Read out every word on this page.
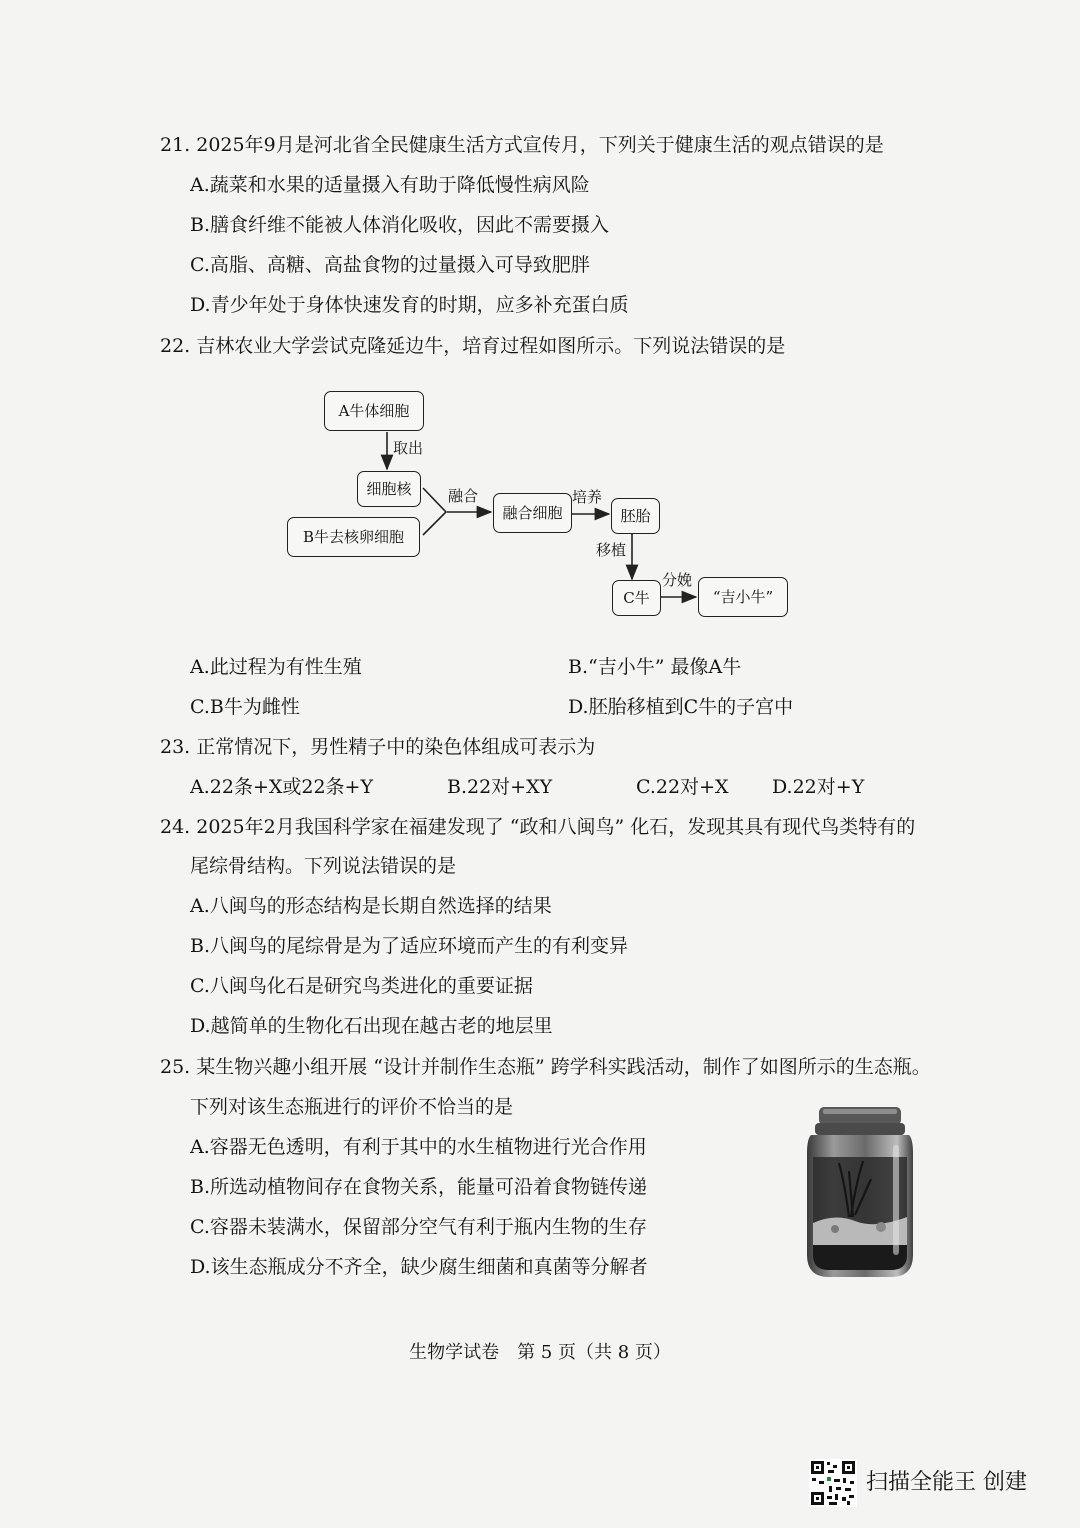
21. 2025年9月是河北省全民健康生活方式宣传月，下列关于健康生活的观点错误的是
A.蔬菜和水果的适量摄入有助于降低慢性病风险
B.膳食纤维不能被人体消化吸收，因此不需要摄入
C.高脂、高糖、高盐食物的过量摄入可导致肥胖
D.青少年处于身体快速发育的时期，应多补充蛋白质
22. 吉林农业大学尝试克隆延边牛，培育过程如图所示。下列说法错误的是
A牛体细胞
取出
细胞核
B牛去核卵细胞
融合
融合细胞
培养
胚胎
移植
C牛
分娩
“吉小牛”
A.此过程为有性生殖	B.“吉小牛” 最像A牛
C.B牛为雌性	D.胚胎移植到C牛的子宫中
23. 正常情况下，男性精子中的染色体组成可表示为
A.22条+X或22条+Y	B.22对+XY	C.22对+X D.22对+Y
24. 2025年2月我国科学家在福建发现了 “政和八闽鸟” 化石，发现其具有现代鸟类特有的
尾综骨结构。下列说法错误的是
A.八闽鸟的形态结构是长期自然选择的结果
B.八闽鸟的尾综骨是为了适应环境而产生的有利变异
C.八闽鸟化石是研究鸟类进化的重要证据
D.越简单的生物化石出现在越古老的地层里
25. 某生物兴趣小组开展 “设计并制作生态瓶” 跨学科实践活动，制作了如图所示的生态瓶。
下列对该生态瓶进行的评价不恰当的是
A.容器无色透明，有利于其中的水生植物进行光合作用
B.所选动植物间存在食物关系，能量可沿着食物链传递
C.容器未装满水，保留部分空气有利于瓶内生物的生存
D.该生态瓶成分不齐全，缺少腐生细菌和真菌等分解者
生物学试卷　第 5 页（共 8 页）
扫描全能王 创建
